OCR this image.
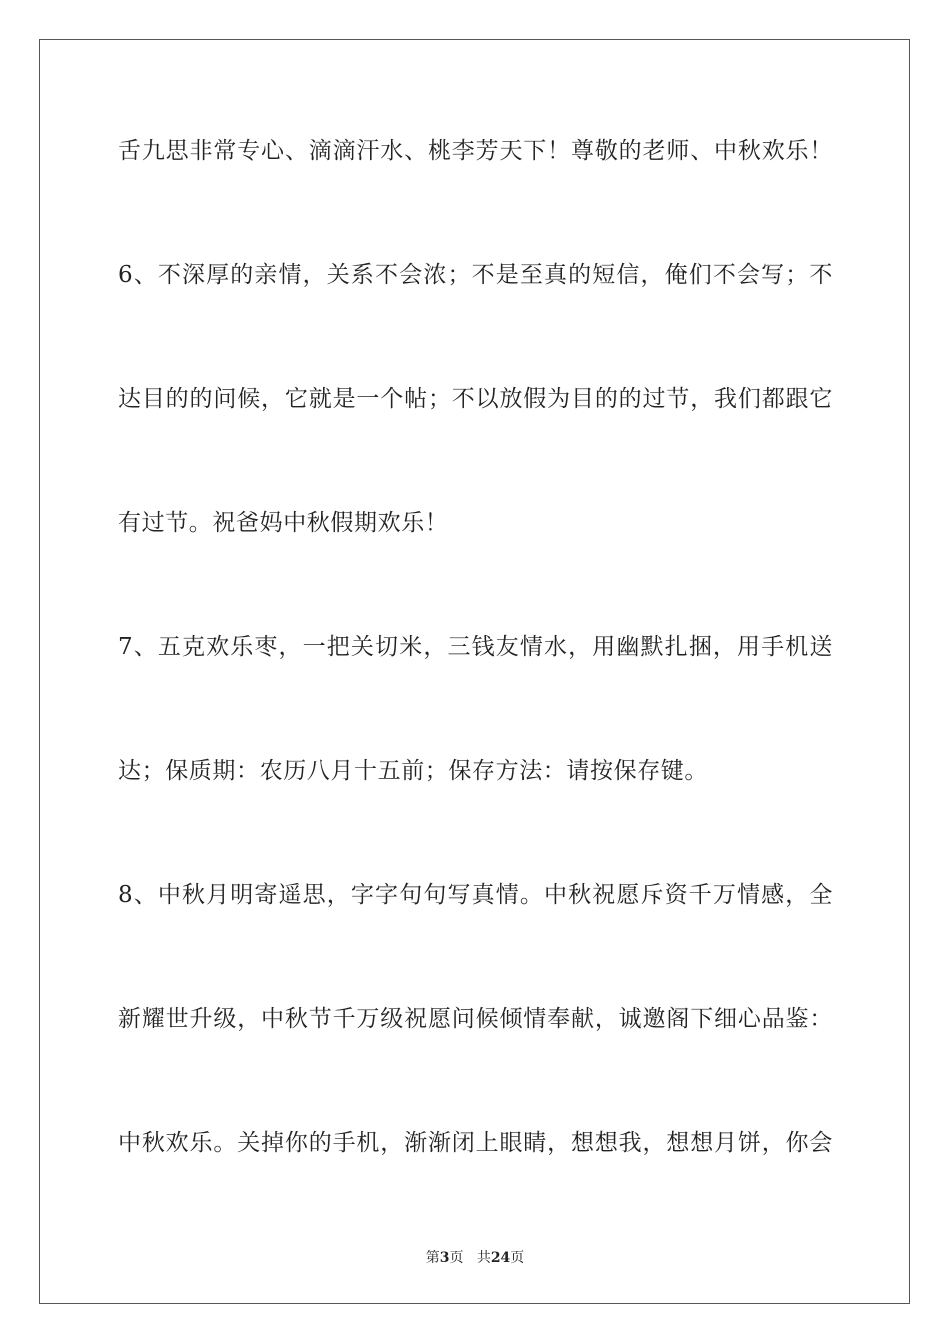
舌九思非常专心、滴滴汗水、桃李芳天下！尊敬的老师、中秋欢乐！
6、不深厚的亲情，关系不会浓；不是至真的短信，俺们不会写；不
达目的的问候，它就是一个帖；不以放假为目的的过节，我们都跟它
有过节。祝爸妈中秋假期欢乐！
7、五克欢乐枣，一把关切米，三钱友情水，用幽默扎捆，用手机送
达；保质期：农历八月十五前；保存方法：请按保存键。
8、中秋月明寄遥思，字字句句写真情。中秋祝愿斥资千万情感，全
新耀世升级，中秋节千万级祝愿问候倾情奉献，诚邀阁下细心品鉴：
中秋欢乐。关掉你的手机，渐渐闭上眼睛，想想我，想想月饼，你会
第3页 共24页
